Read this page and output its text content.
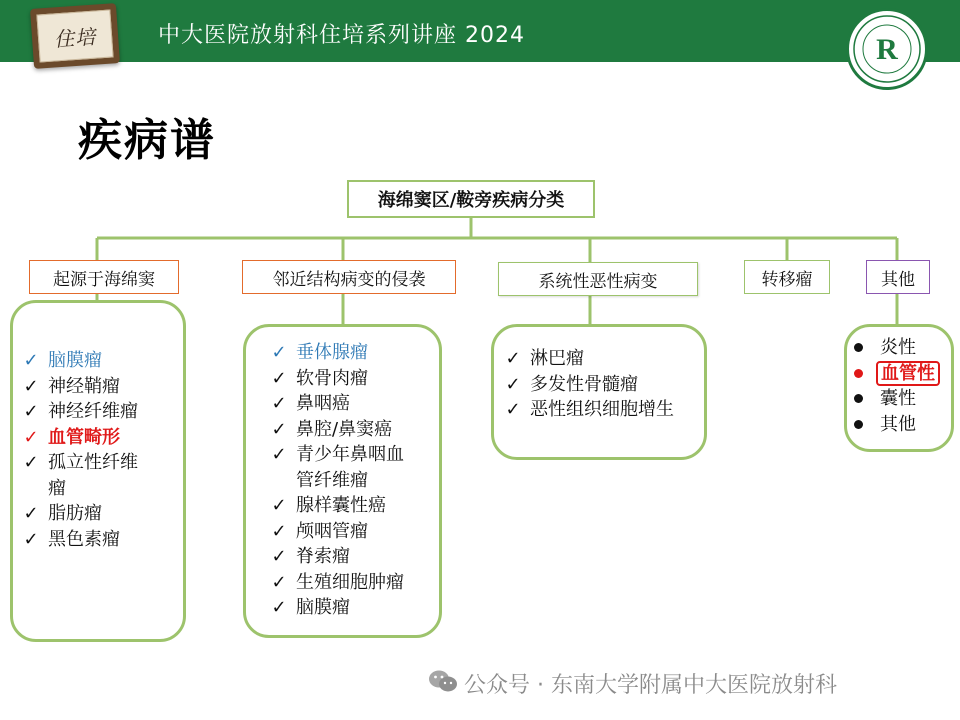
中大医院放射科住培系列讲座 2024
住培	R
疾病谱
海绵窦区/鞍旁疾病分类
起源于海绵窦	邻近结构病变的侵袭	系统性恶性病变	转移瘤	其他
✓ 脑膜瘤
✓ 神经鞘瘤
✓ 神经纤维瘤
✓ 血管畸形
✓ 孤立性纤维
瘤
✓ 脂肪瘤
✓ 黑色素瘤
✓ 垂体腺瘤
✓ 软骨肉瘤
✓ 鼻咽癌
✓ 鼻腔/鼻窦癌
✓ 青少年鼻咽血
管纤维瘤
✓ 腺样囊性癌
✓ 颅咽管瘤
✓ 脊索瘤
✓ 生殖细胞肿瘤
✓ 脑膜瘤
✓ 淋巴瘤
✓ 多发性骨髓瘤
✓ 恶性组织细胞增生
炎性
血管性
囊性
其他
公众号 · 东南大学附属中大医院放射科
